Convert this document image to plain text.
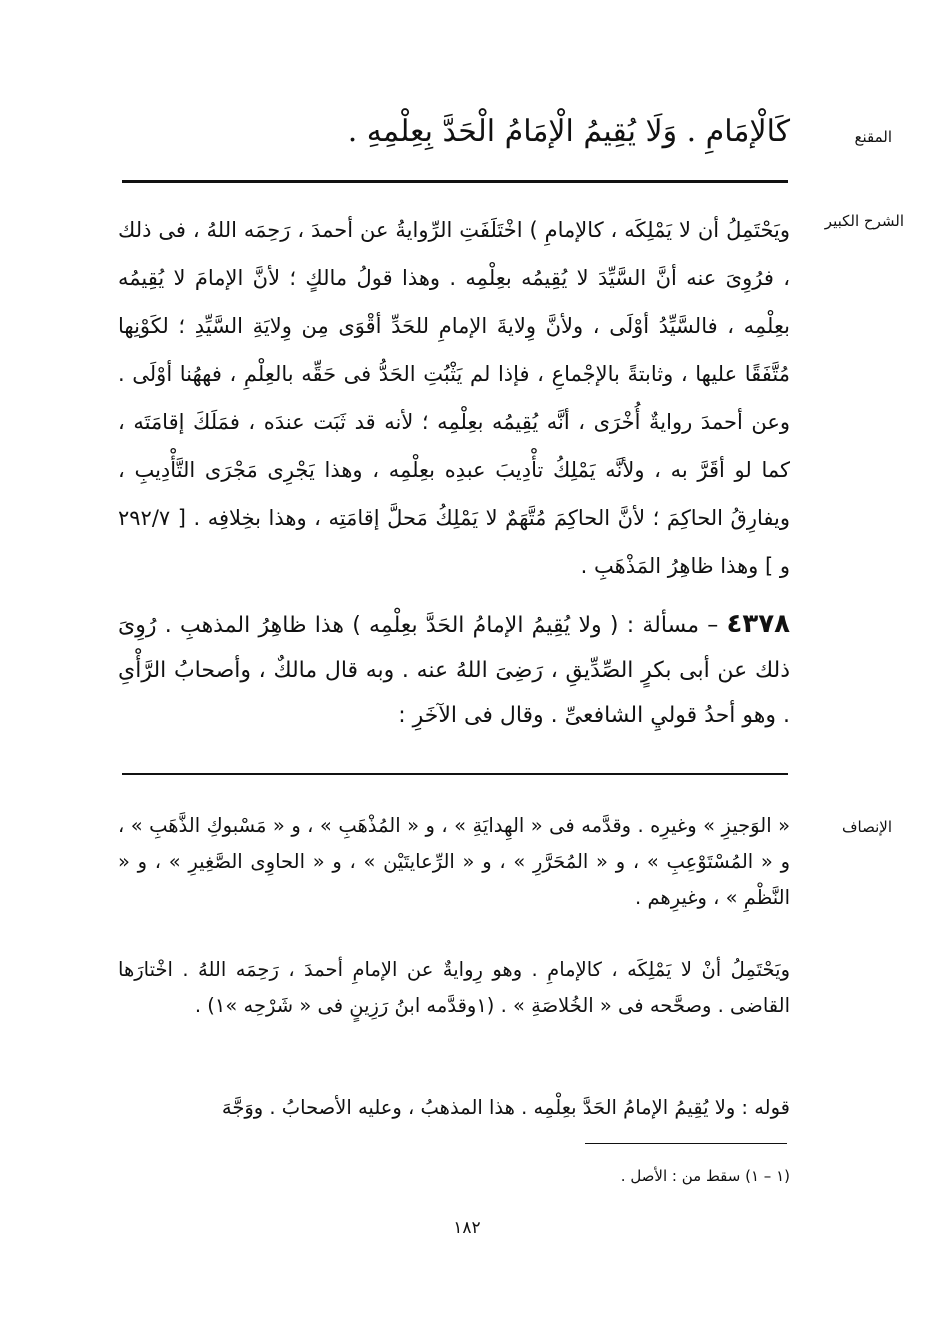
المقنع
كَالْإمَامِ . وَلَا يُقِيمُ الْإمَامُ الْحَدَّ بِعِلْمِهِ .
الشرح الكبير
ويَحْتَمِلُ أن لا يَمْلِكَه ، كالإمامِ ) اخْتَلَفَتِ الرِّوايةُ عن أحمدَ ، رَحِمَه اللهُ ، فى ذلك ، فرُوِىَ عنه أنَّ السَّيِّدَ لا يُقِيمُه بعِلْمِه . وهذا قولُ مالكٍ ؛ لأنَّ الإمامَ لا يُقِيمُه بعِلْمِه ، فالسَّيِّدُ أوْلَى ، ولأنَّ وِلايةَ الإمامِ للحَدِّ أقْوَى مِن وِلايَةِ السَّيِّدِ ؛ لكَوْنِها مُتَّفَقًا عليها ، وثابتةً بالإجْماعِ ، فإذا لم يَثْبُتِ الحَدُّ فى حَقِّه بالعِلْمِ ، فههُنا أوْلَى . وعن أحمدَ روايةٌ أُخْرَى ، أنَّه يُقِيمُه بعِلْمِه ؛ لأنه قد ثَبَت عندَه ، فمَلَكَ إقامَتَه ، كما لو أقَرَّ به ، ولأنَّه يَمْلِكُ تأْدِيبَ عبدِه بعِلْمِه ، وهذا يَجْرِى مَجْرَى التَّأْدِيبِ ، ويفارِقُ الحاكِمَ ؛ لأنَّ الحاكِمَ مُتَّهَمٌ لا يَمْلِكُ مَحلَّ إقامَتِه ، وهذا بخِلافِه . [ ٢٩٢/٧ و ] وهذا ظاهِرُ المَذْهَبِ .
٤٣٧٨ – مسألة : ( ولا يُقِيمُ الإمامُ الحَدَّ بعِلْمِه ) هذا ظاهِرُ المذهبِ . رُوِىَ ذلك عن أبى بكرٍ الصِّدِّيقِ ، رَضِىَ اللهُ عنه . وبه قال مالكٌ ، وأصحابُ الرَّأْىِ . وهو أحدُ قوليِ الشافعىِّ . وقال فى الآخَرِ :
الإنصاف

« الوَجيزِ » وغيرِه . وقدَّمه فى « الهِدايَةِ » ، و « المُذْهَبِ » ، و « مَسْبوكِ الذَّهَبِ » ، و « المُسْتَوْعِبِ » ، و « المُحَرَّرِ » ، و « الرِّعايتَيْن » ، و « الحاوِى الصَّغِيرِ » ، و « النَّظْمِ » ، وغيرِهم .

ويَحْتَمِلُ أنْ لا يَمْلِكَه ، كالإمامِ . وهو رِوايةٌ عن الإمامِ أحمدَ ، رَحِمَه اللهُ . اخْتارَها القاضى . وصحَّحه فى « الخُلاصَةِ » . (١وقدَّمه ابنُ رَزِينٍ فى « شَرْحِه »١) .

قوله : ولا يُقِيمُ الإمامُ الحَدَّ بعِلْمِه . هذا المذهبُ ، وعليه الأصحابُ . ووَجَّهَ

(١ – ١) سقط من : الأصل .
١٨٢
